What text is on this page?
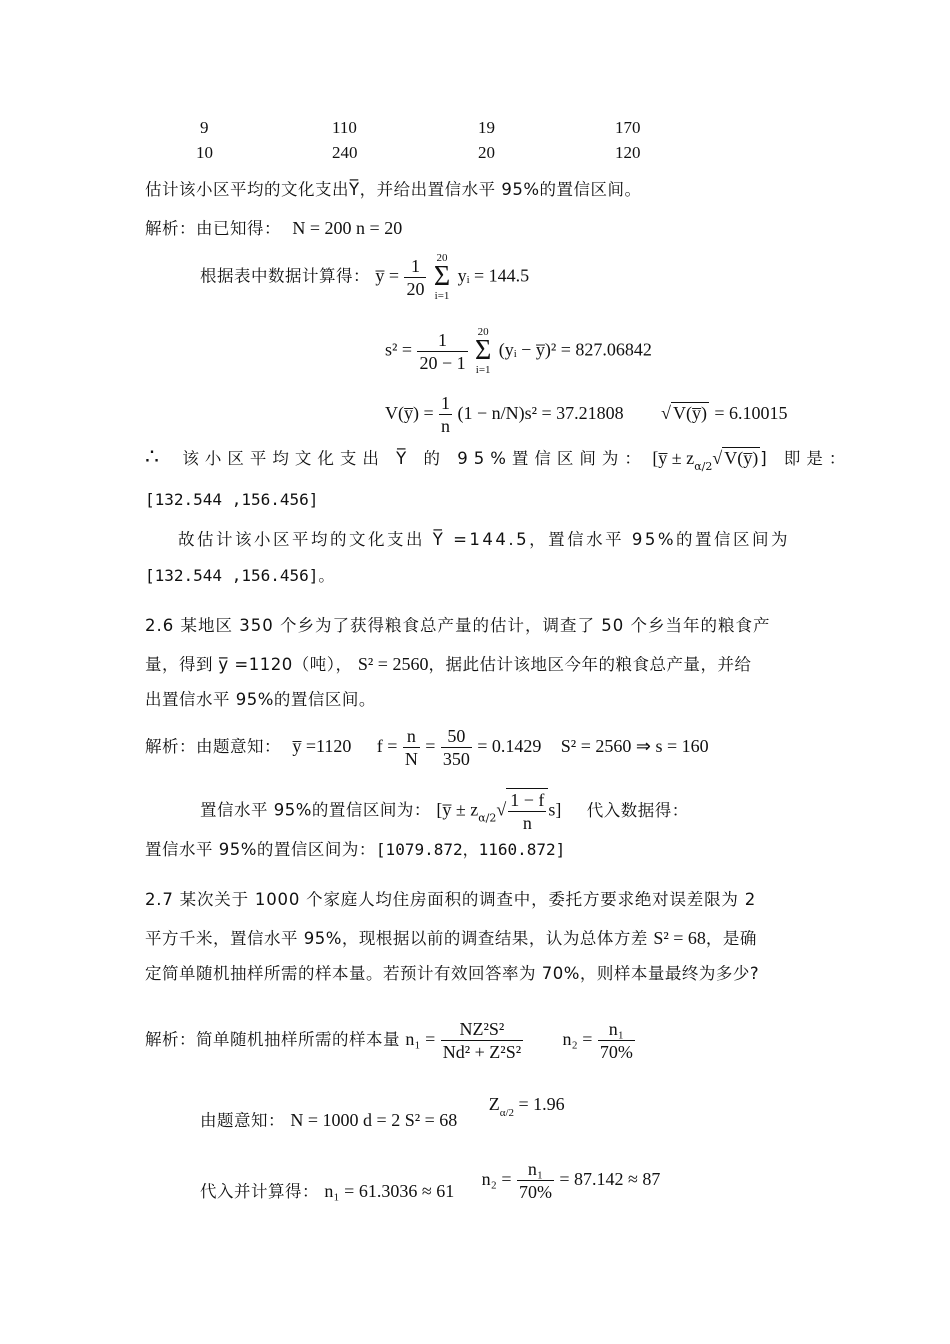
9	110	19	170
10	240	20	120
估计该小区平均的文化支出Y̅，并给出置信水平 95%的置信区间。
解析：由已知得： N = 200 n = 20
根据表中数据计算得： y̅ = $\frac{1}{20}$
20
Σ
i=1
yᵢ = 144.5
$s^2 = \frac{1}{20 - 1}$
20
Σ
i=1
(yᵢ − y̅)² = 827.06842
V(y̅) = $\frac{1}{n} (1 - n/N)s^2 = 37.21808$ √ V(y̅) = 6.10015
∴ 该小区平均文化支出 Y̅ 的 95%置信区间为： [y̅ ± $z_{\alpha/2}√$ V(y̅) ] 即是：
[132.544 ,156.456]
故估计该小区平均的文化支出 Y̅ =144.5，置信水平 95%的置信区间为
[132.544 ,156.456]。
2.6 某地区 350 个乡为了获得粮食总产量的估计，调查了 50 个乡当年的粮食产
量，得到 y̅ =1120（吨）， S² = 2560，据此估计该地区今年的粮食总产量，并给
出置信水平 95%的置信区间。
解析：由题意知： y̅ =1120 $f = \frac{n}{N} = \frac{50}{350} = 0.1429$ S² = 2560 ⇒ s = 160
置信水平 95%的置信区间为： [y̅ ± $z_{\alpha/2}√ \frac{1 - f}{n} s$] 代入数据得：
置信水平 95%的置信区间为：[1079.872，1160.872]
2.7 某次关于 1000 个家庭人均住房面积的调查中，委托方要求绝对误差限为 2
平方千米，置信水平 95%，现根据以前的调查结果，认为总体方差 S² = 68，是确
定简单随机抽样所需的样本量。若预计有效回答率为 70%，则样本量最终为多少?
解析：简单随机抽样所需的样本量 $n_1 = \frac{\text{NZ²S²}}{\text{Nd² + Z²S²}} n_2 = \frac{\text{n₁}}{70\%}$
由题意知： N = 1000 d = 2 S² = 68 $Z_{\alpha/2} = 1.96$
代入并计算得： n₁ = 61.3036 ≈ 61 $n_2 = \frac{\text{n₁}}{70\%} = 87.142 \approx 87$
